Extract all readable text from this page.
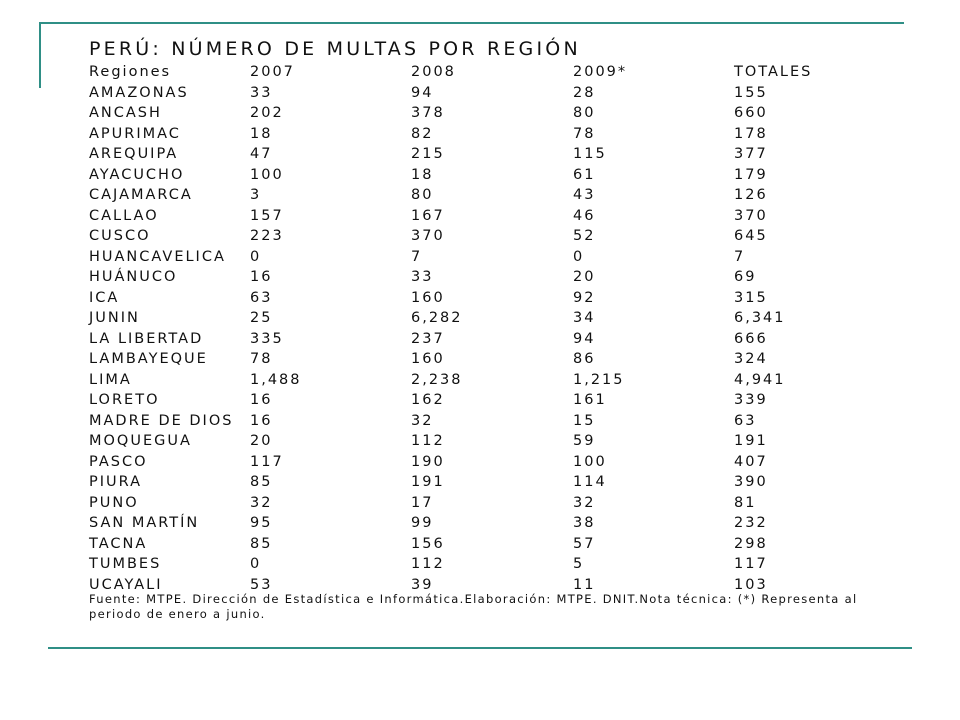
PERÚ: NÚMERO DE MULTAS POR REGIÓN
Regiones	2007	2008	2009*	TOTALES
AMAZONAS	33	94	28	155
ANCASH	202	378	80	660
APURIMAC	18	82	78	178
AREQUIPA	47	215	115	377
AYACUCHO	100	18	61	179
CAJAMARCA	3	80	43	126
CALLAO	157	167	46	370
CUSCO	223	370	52	645
HUANCAVELICA	0	7	0	7
HUÁNUCO	16	33	20	69
ICA	63	160	92	315
JUNIN	25	6,282	34	6,341
LA LIBERTAD	335	237	94	666
LAMBAYEQUE	78	160	86	324
LIMA	1,488	2,238	1,215	4,941
LORETO	16	162	161	339
MADRE DE DIOS	16	32	15	63
MOQUEGUA	20	112	59	191
PASCO	117	190	100	407
PIURA	85	191	114	390
PUNO	32	17	32	81
SAN MARTÍN	95	99	38	232
TACNA	85	156	57	298
TUMBES	0	112	5	117
UCAYALI	53	39	11	103
Fuente: MTPE. Dirección de Estadística e Informática.Elaboración: MTPE. DNIT.Nota técnica: (*) Representa al periodo de enero a junio.
